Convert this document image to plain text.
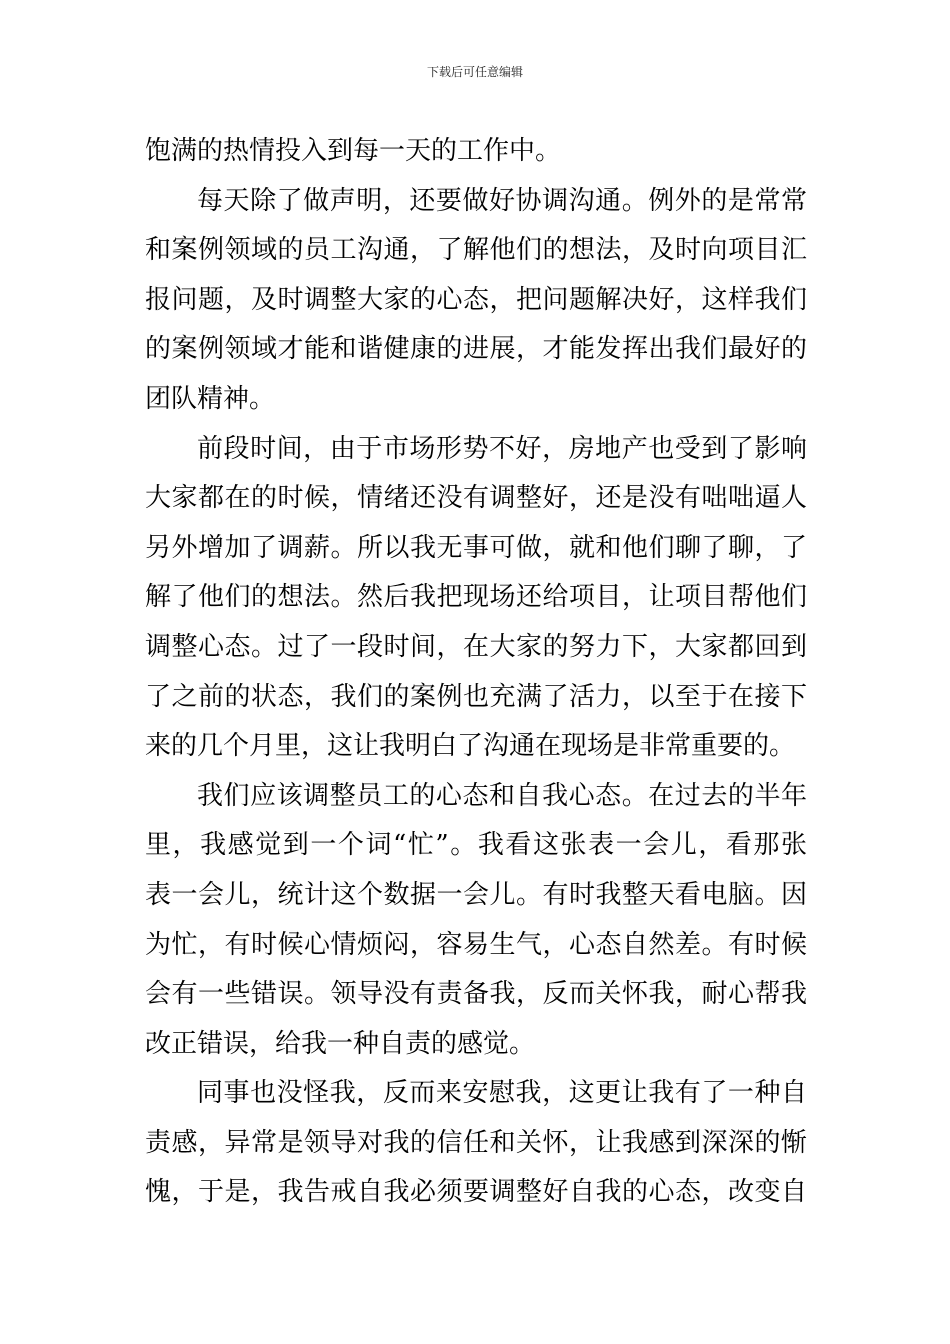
下载后可任意编辑
饱满的热情投入到每一天的工作中。
每天除了做声明，还要做好协调沟通。例外的是常常
和案例领域的员工沟通，了解他们的想法，及时向项目汇
报问题，及时调整大家的心态，把问题解决好，这样我们
的案例领域才能和谐健康的进展，才能发挥出我们最好的
团队精神。
前段时间，由于市场形势不好，房地产也受到了影响
大家都在的时候，情绪还没有调整好，还是没有咄咄逼人
另外增加了调薪。所以我无事可做，就和他们聊了聊，了
解了他们的想法。然后我把现场还给项目，让项目帮他们
调整心态。过了一段时间，在大家的努力下，大家都回到
了之前的状态，我们的案例也充满了活力，以至于在接下
来的几个月里，这让我明白了沟通在现场是非常重要的。
我们应该调整员工的心态和自我心态。在过去的半年
里，我感觉到一个词“忙”。我看这张表一会儿，看那张
表一会儿，统计这个数据一会儿。有时我整天看电脑。因
为忙，有时候心情烦闷，容易生气，心态自然差。有时候
会有一些错误。领导没有责备我，反而关怀我，耐心帮我
改正错误，给我一种自责的感觉。
同事也没怪我，反而来安慰我，这更让我有了一种自
责感，异常是领导对我的信任和关怀，让我感到深深的惭
愧，于是，我告戒自我必须要调整好自我的心态，改变自
